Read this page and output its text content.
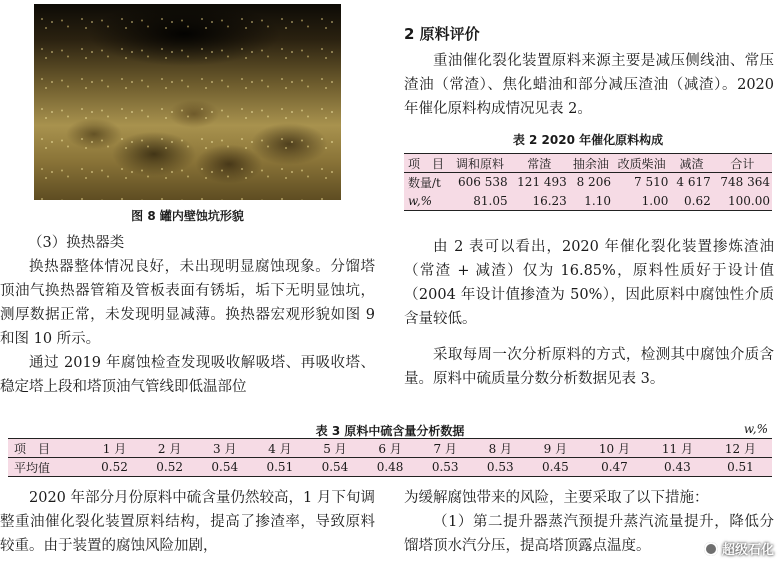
图 8 罐内壁蚀坑形貌

（3）换热器类

换热器整体情况良好，未出现明显腐蚀现象。分馏塔顶油气换热器管箱及管板表面有锈垢，垢下无明显蚀坑，测厚数据正常，未发现明显减薄。换热器宏观形貌如图 9 和图 10 所示。

通过 2019 年腐蚀检查发现吸收解吸塔、再吸收塔、稳定塔上段和塔顶油气管线即低温部位

2 原料评价

重油催化裂化装置原料来源主要是减压侧线油、常压渣油（常渣）、焦化蜡油和部分减压渣油（减渣）。2020 年催化原料构成情况见表 2。

表 2 2020 年催化原料构成
项　目	调和原料	常渣	抽余油	改质柴油	减渣	合计
数量/t	606 538	121 493	8 206	7 510	4 617	748 364
w,%	81.05	16.23	1.10	1.00	0.62	100.00

由 2 表可以看出，2020 年催化裂化装置掺炼渣油（常渣 + 减渣）仅为 16.85%，原料性质好于设计值（2004 年设计值掺渣为 50%），因此原料中腐蚀性介质含量较低。

采取每周一次分析原料的方式，检测其中腐蚀介质含量。原料中硫质量分数分析数据见表 3。

表 3 原料中硫含量分析数据	w,%
项　目	1 月	2 月	3 月	4 月	5 月	6 月	7 月	8 月	9 月	10 月	11 月	12 月
平均值	0.52	0.52	0.54	0.51	0.54	0.48	0.53	0.53	0.45	0.47	0.43	0.51

2020 年部分月份原料中硫含量仍然较高，1 月下旬调整重油催化裂化装置原料结构，提高了掺渣率，导致原料较重。由于装置的腐蚀风险加剧，

为缓解腐蚀带来的风险，主要采取了以下措施：

（1）第二提升器蒸汽预提升蒸汽流量提升，降低分馏塔顶水汽分压，提高塔顶露点温度。	超级石化
